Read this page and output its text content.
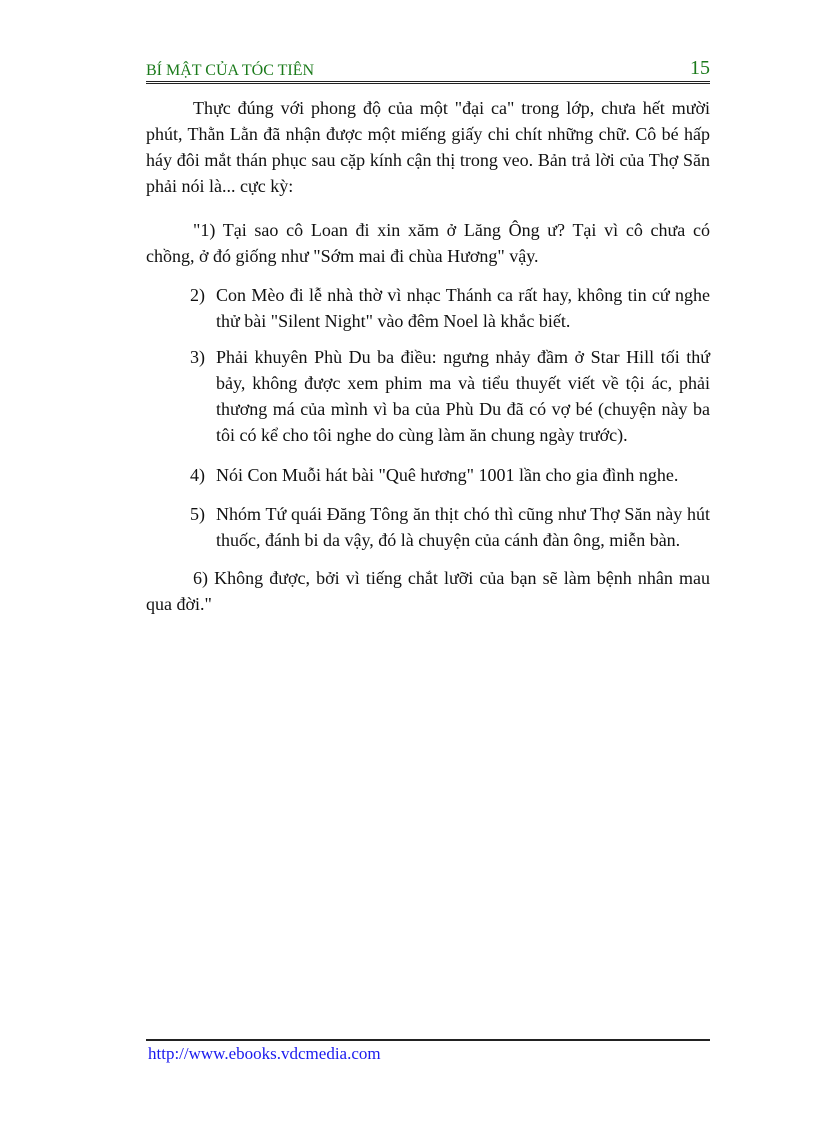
BÍ MẬT CỦA TÓC TIÊN	15
Thực đúng với phong độ của một "đại ca" trong lớp, chưa hết mười phút, Thằn Lằn đã nhận được một miếng giấy chi chít những chữ. Cô bé hấp háy đôi mắt thán phục sau cặp kính cận thị trong veo. Bản trả lời của Thợ Săn phải nói là... cực kỳ:
"1) Tại sao cô Loan đi xin xăm ở Lăng Ông ư? Tại vì cô chưa có chồng, ở đó giống như "Sớm mai đi chùa Hương" vậy.
2) Con Mèo đi lễ nhà thờ vì nhạc Thánh ca rất hay, không tin cứ nghe thử bài "Silent Night" vào đêm Noel là khắc biết.
3) Phải khuyên Phù Du ba điều: ngưng nhảy đầm ở Star Hill tối thứ bảy, không được xem phim ma và tiểu thuyết viết về tội ác, phải thương má của mình vì ba của Phù Du đã có vợ bé (chuyện này ba tôi có kể cho tôi nghe do cùng làm ăn chung ngày trước).
4) Nói Con Muỗi hát bài "Quê hương" 1001 lần cho gia đình nghe.
5) Nhóm Tứ quái Đăng Tông ăn thịt chó thì cũng như Thợ Săn này hút thuốc, đánh bi da vậy, đó là chuyện của cánh đàn ông, miễn bàn.
6) Không được, bởi vì tiếng chắt lưỡi của bạn sẽ làm bệnh nhân mau qua đời."
http://www.ebooks.vdcmedia.com
